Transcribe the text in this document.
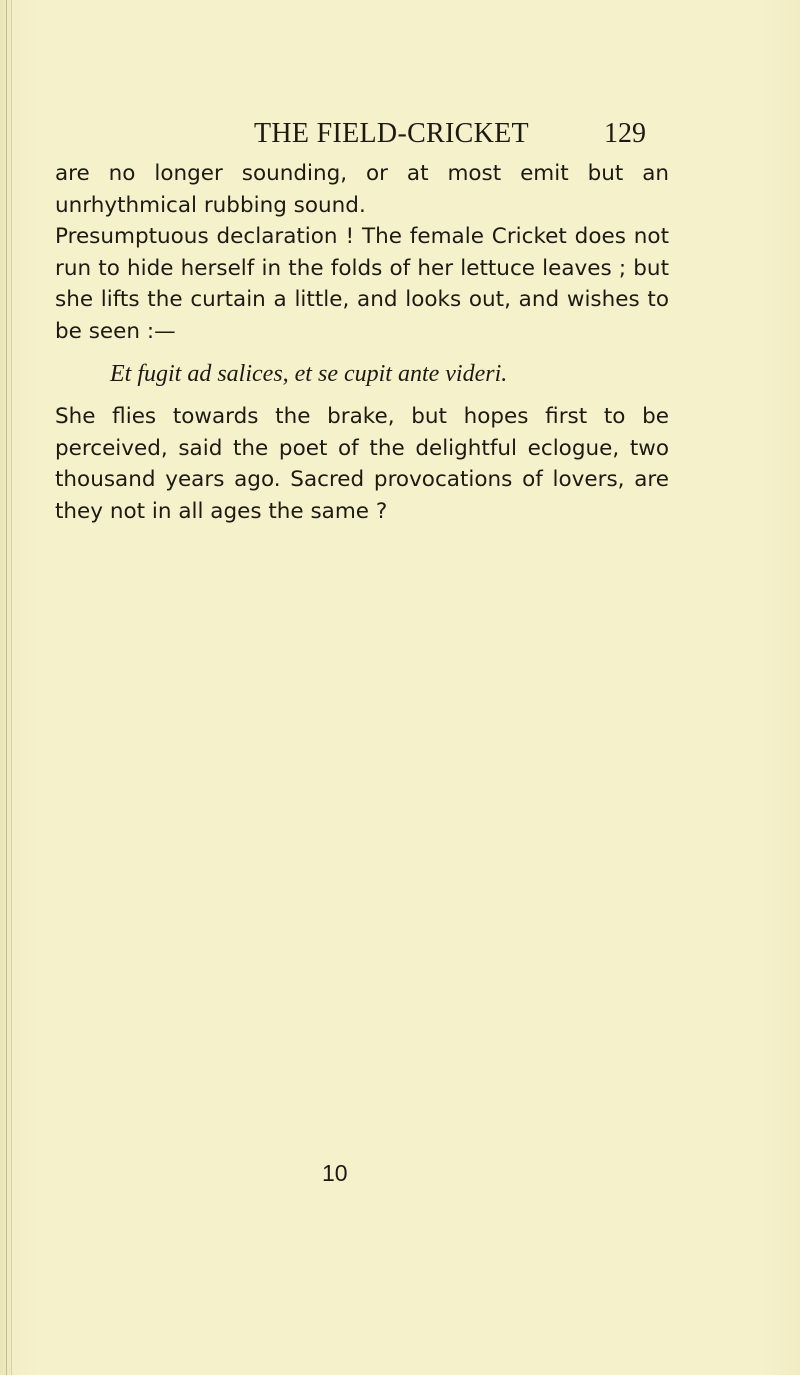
THE FIELD-CRICKET	129

are no longer sounding, or at most emit but an unrhythmical rubbing sound.

Presumptuous declaration ! The female Cricket does not run to hide herself in the folds of her lettuce leaves ; but she lifts the curtain a little, and looks out, and wishes to be seen :—

Et fugit ad salices, et se cupit ante videri.

She flies towards the brake, but hopes first to be perceived, said the poet of the delightful eclogue, two thousand years ago. Sacred provocations of lovers, are they not in all ages the same ?

10
